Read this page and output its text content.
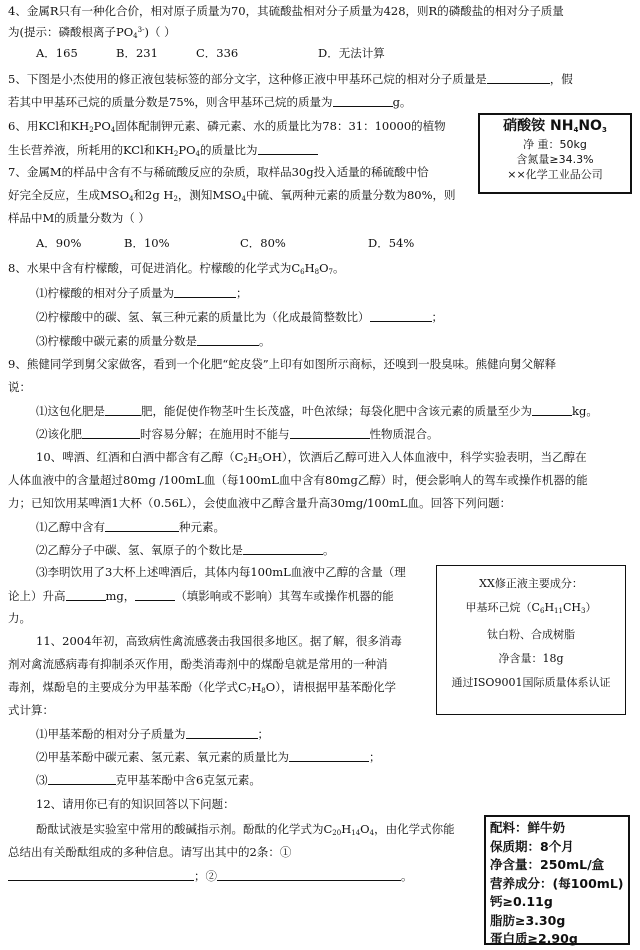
4、金属R只有一种化合价，相对原子质量为70，其硫酸盐相对分子质量为428，则R的磷酸盐的相对分子质量
为(提示：磷酸根离子$PO_4^{3-}$)（ ）
A．165	B．231	C．336	D．无法计算
5、下图是小杰使用的修正液包装标签的部分文字，这种修正液中甲基环己烷的相对分子质量是	，假
若其中甲基环己烷的质量分数是75%，则含甲基环己烷的质量为	g。
6、用KCl和$KH_2PO_4$固体配制钾元素、磷元素、水的质量比为78：31：10000的植物
生长营养液，所耗用的KCl和$KH_2PO_4$的质量比为
7、金属M的样品中含有不与稀硫酸反应的杂质，取样品30g投入适量的稀硫酸中恰
好完全反应，生成$MSO_4$和2g $H_2$，测知$MSO_4$中硫、氧两种元素的质量分数为80%，则
样品中M的质量分数为（ ）
A．90%	B．10%	C．80%	D．54%
8、水果中含有柠檬酸，可促进消化。柠檬酸的化学式为$C_6H_8O_7$。
⑴柠檬酸的相对分子质量为	；
⑵柠檬酸中的碳、氢、氧三种元素的质量比为（化成最简整数比）	；
⑶柠檬酸中碳元素的质量分数是	。
9、熊健同学到舅父家做客，看到一个化肥“蛇皮袋”上印有如图所示商标，还嗅到一股臭味。熊健向舅父解释
说：
⑴这包化肥是	肥，能促使作物茎叶生长茂盛，叶色浓绿；每袋化肥中含该元素的质量至少为	kg。
⑵该化肥	时容易分解；在施用时不能与	性物质混合。
10、啤酒、红酒和白酒中都含有乙醇$(C_2H_5OH)$，饮酒后乙醇可进入人体血液中，科学实验表明，当乙醇在
人体血液中的含量超过80mg /100mL血（每100mL血中含有80mg乙醇）时，便会影响人的驾车或操作机器的能
力；已知饮用某啤酒1大杯（0.56L），会使血液中乙醇含量升高30mg/100mL血。回答下列问题：
⑴乙醇中含有	种元素。
⑵乙醇分子中碳、氢、氧原子的个数比是	。
⑶李明饮用了3大杯上述啤酒后，其体内每100mL血液中乙醇的含量（理
论上）升高	mg，	（填影响或不影响）其驾车或操作机器的能
力。
11、2004年初，高致病性禽流感袭击我国很多地区。据了解，很多消毒
剂对禽流感病毒有抑制杀灭作用，酚类消毒剂中的煤酚皂就是常用的一种消
毒剂，煤酚皂的主要成分为甲基苯酚（化学式$C_7H_8O$），请根据甲基苯酚化学
式计算：
⑴甲基苯酚的相对分子质量为	；
⑵甲基苯酚中碳元素、氢元素、氧元素的质量比为	；
⑶	克甲基苯酚中含6克氢元素。
12、请用你已有的知识回答以下问题：
酚酞试液是实验室中常用的酸碱指示剂。酚酞的化学式为$C_{20}H_{14}O_4$，由化学式你能
总结出有关酚酞组成的多种信息。请写出其中的2条：①
；②	。
硝酸铵 $NH_4NO_3$
净 重：50kg
含氮量≥34.3%
××化学工业品公司
XX修正液主要成分：
甲基环己烷$(C_6H_{11}CH_3)$
钛白粉、合成树脂
净含量：18g
通过ISO9001国际质量体系认证
配料：鲜牛奶
保质期：8个月
净含量：250mL/盒
营养成分：(每100mL)
钙≥0.11g
脂肪≥3.30g
蛋白质≥2.90g
